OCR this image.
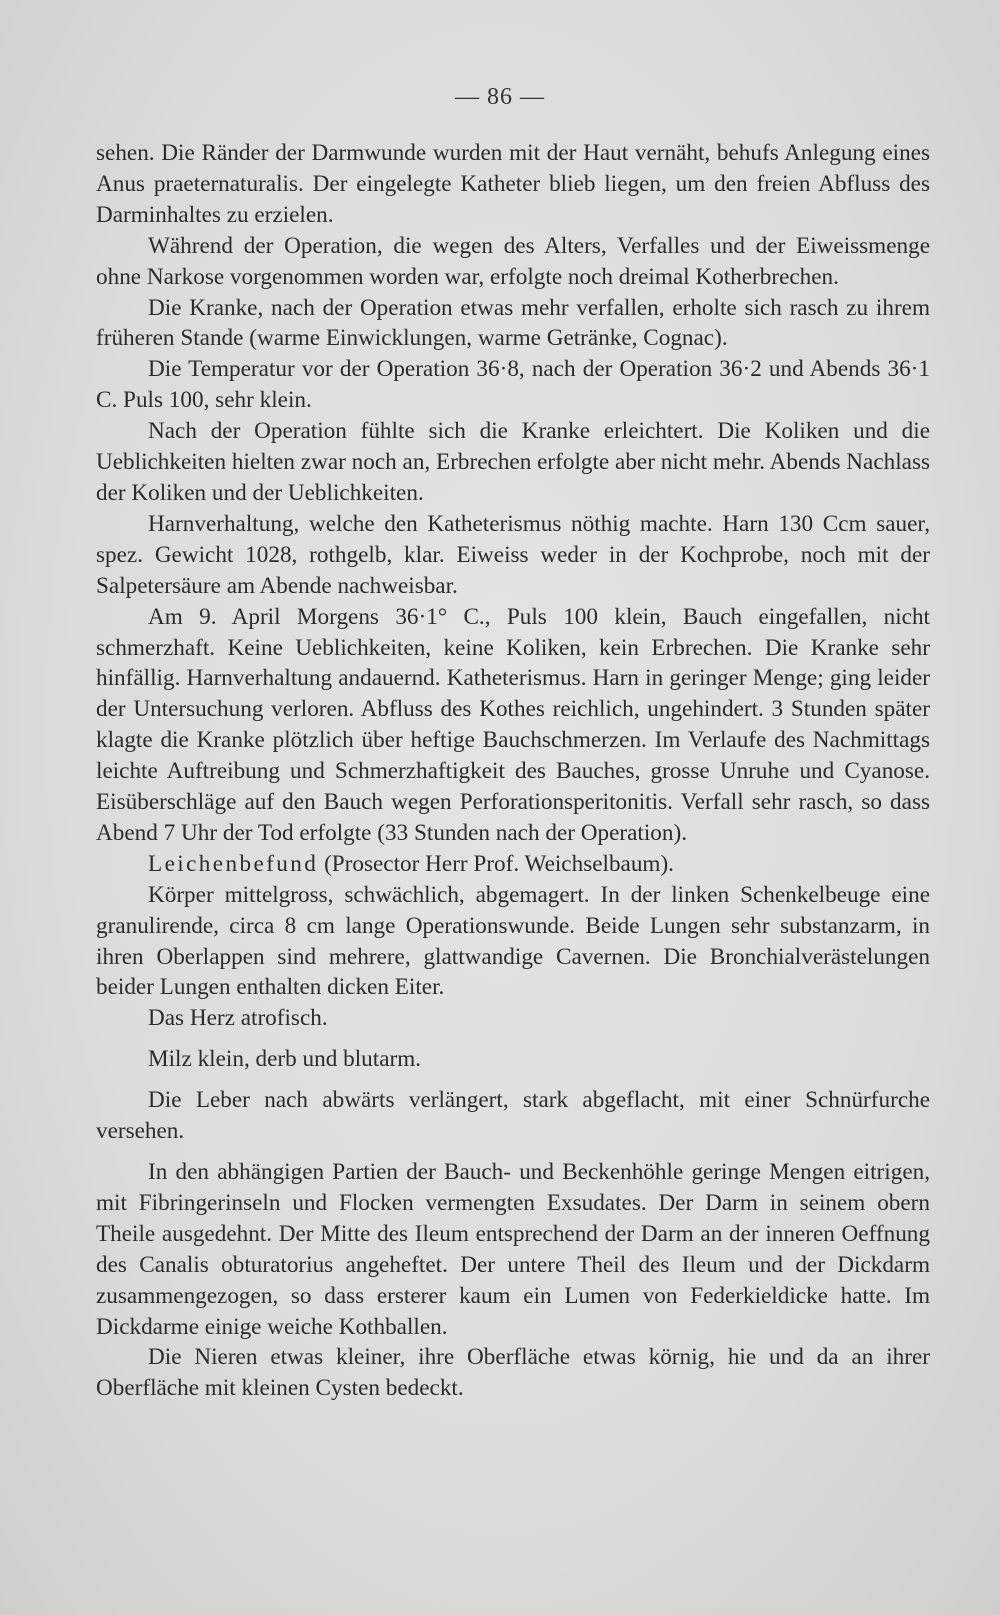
— 86 —

sehen. Die Ränder der Darmwunde wurden mit der Haut vernäht, behufs Anlegung eines Anus praeternaturalis. Der eingelegte Katheter blieb liegen, um den freien Abfluss des Darminhaltes zu erzielen.

Während der Operation, die wegen des Alters, Verfalles und der Eiweissmenge ohne Narkose vorgenommen worden war, erfolgte noch dreimal Kotherbrechen.

Die Kranke, nach der Operation etwas mehr verfallen, erholte sich rasch zu ihrem früheren Stande (warme Einwicklungen, warme Getränke, Cognac).

Die Temperatur vor der Operation 36·8, nach der Operation 36·2 und Abends 36·1 C. Puls 100, sehr klein.

Nach der Operation fühlte sich die Kranke erleichtert. Die Koliken und die Ueblichkeiten hielten zwar noch an, Erbrechen erfolgte aber nicht mehr. Abends Nachlass der Koliken und der Ueblichkeiten.

Harnverhaltung, welche den Katheterismus nöthig machte. Harn 130 Ccm sauer, spez. Gewicht 1028, rothgelb, klar. Eiweiss weder in der Kochprobe, noch mit der Salpetersäure am Abende nachweisbar.

Am 9. April Morgens 36·1° C., Puls 100 klein, Bauch eingefallen, nicht schmerzhaft. Keine Ueblichkeiten, keine Koliken, kein Erbrechen. Die Kranke sehr hinfällig. Harnverhaltung andauernd. Katheterismus. Harn in geringer Menge; ging leider der Untersuchung verloren. Abfluss des Kothes reichlich, ungehindert. 3 Stunden später klagte die Kranke plötzlich über heftige Bauchschmerzen. Im Verlaufe des Nachmittags leichte Auftreibung und Schmerzhaftigkeit des Bauches, grosse Unruhe und Cyanose. Eisüberschläge auf den Bauch wegen Perforationsperitonitis. Verfall sehr rasch, so dass Abend 7 Uhr der Tod erfolgte (33 Stunden nach der Operation).

Leichenbefund (Prosector Herr Prof. Weichselbaum).

Körper mittelgross, schwächlich, abgemagert. In der linken Schenkelbeuge eine granulirende, circa 8 cm lange Operationswunde. Beide Lungen sehr substanzarm, in ihren Oberlappen sind mehrere, glattwandige Cavernen. Die Bronchialverästelungen beider Lungen enthalten dicken Eiter.

Das Herz atrofisch.

Milz klein, derb und blutarm.

Die Leber nach abwärts verlängert, stark abgeflacht, mit einer Schnürfurche versehen.

In den abhängigen Partien der Bauch- und Beckenhöhle geringe Mengen eitrigen, mit Fibringerinseln und Flocken vermengten Exsudates. Der Darm in seinem obern Theile ausgedehnt. Der Mitte des Ileum entsprechend der Darm an der inneren Oeffnung des Canalis obturatorius angeheftet. Der untere Theil des Ileum und der Dickdarm zusammengezogen, so dass ersterer kaum ein Lumen von Federkieldicke hatte. Im Dickdarme einige weiche Kothballen.

Die Nieren etwas kleiner, ihre Oberfläche etwas körnig, hie und da an ihrer Oberfläche mit kleinen Cysten bedeckt.
